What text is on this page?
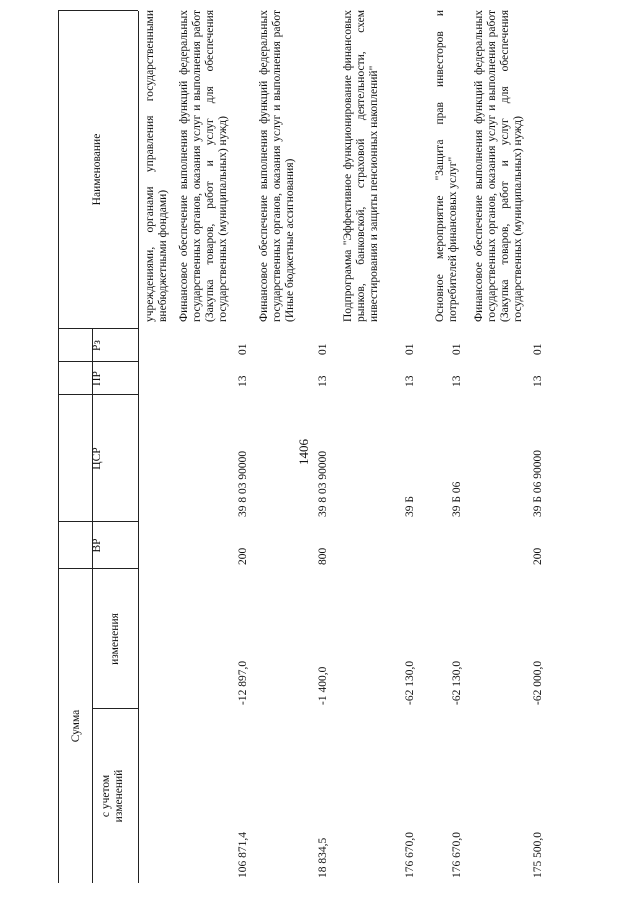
1406
Наименование
Рз
ПР
ЦСР
ВР
Сумма
изменения
с учетом изменений
учреждениями, органами управления государственными внебюджетными фондами) Финансовое обеспечение выполнения функций федеральных государственных органов, оказания услуг и выполнения работ (Закупка товаров, работ и услуг для обеспечения государственных (муниципальных) нужд)
01
13
39 8 03 90000
200
-12 897,0
106 871,4
Финансовое обеспечение выполнения функций федеральных государственных органов, оказания услуг и выполнения работ (Иные бюджетные ассигнования)
01
13
39 8 03 90000
800
-1 400,0
18 834,5
Подпрограмма "Эффективное функционирование финансовых рынков, банковской, страховой деятельности, схем инвестирования и защиты пенсионных накоплений"
01
13
39 Б
-62 130,0
176 670,0
Основное мероприятие "Защита прав инвесторов и потребителей финансовых услуг"
01
13
39 Б 06
-62 130,0
176 670,0
Финансовое обеспечение выполнения функций федеральных государственных органов, оказания услуг и выполнения работ (Закупка товаров, работ и услуг для обеспечения государственных (муниципальных) нужд)
01
13
39 Б 06 90000
200
-62 000,0
175 500,0
